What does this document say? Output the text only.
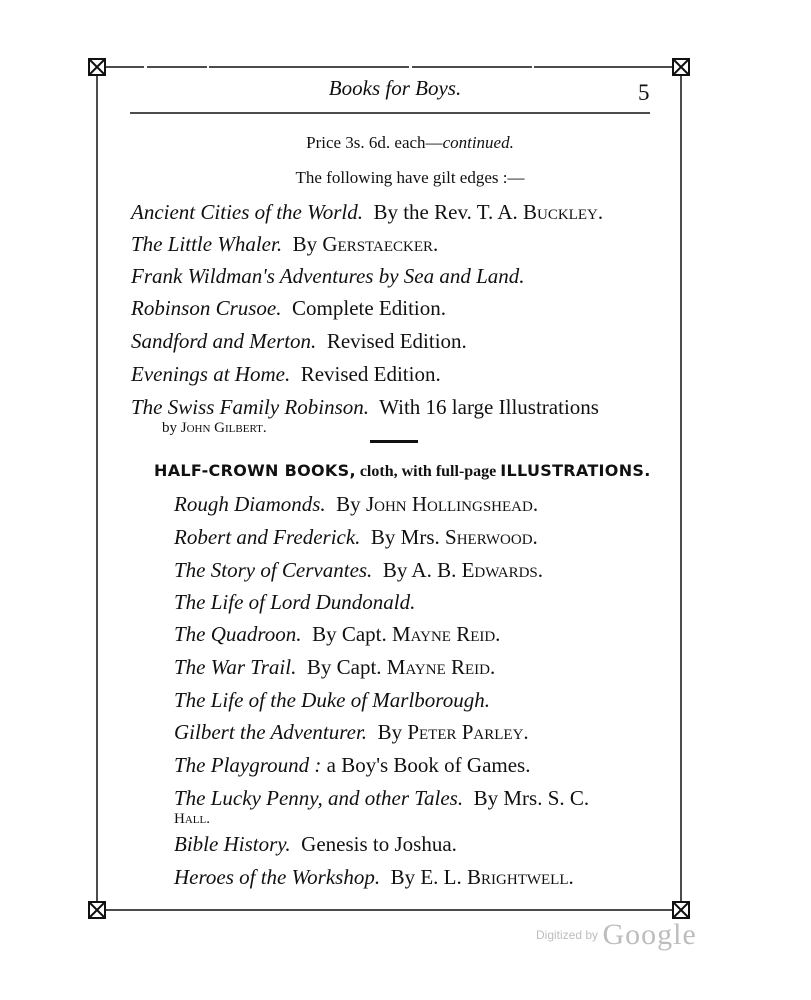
Books for Boys.	5
Price 3s. 6d. each—continued.
The following have gilt edges :—
Ancient Cities of the World.  By the Rev. T. A. Buckley.
The Little Whaler.  By Gerstaecker.
Frank Wildman's Adventures by Sea and Land.
Robinson Crusoe.  Complete Edition.
Sandford and Merton.  Revised Edition.
Evenings at Home.  Revised Edition.
The Swiss Family Robinson.  With 16 large Illustrations
by John Gilbert.
HALF-CROWN BOOKS, cloth, with full-page ILLUSTRATIONS.
Rough Diamonds.  By John Hollingshead.
Robert and Frederick.  By Mrs. Sherwood.
The Story of Cervantes.  By A. B. Edwards.
The Life of Lord Dundonald.
The Quadroon.  By Capt. Mayne Reid.
The War Trail.  By Capt. Mayne Reid.
The Life of the Duke of Marlborough.
Gilbert the Adventurer.  By Peter Parley.
The Playground : a Boy's Book of Games.
The Lucky Penny, and other Tales.  By Mrs. S. C.
Hall.
Bible History.  Genesis to Joshua.
Heroes of the Workshop.  By E. L. Brightwell.
Digitized by Google
